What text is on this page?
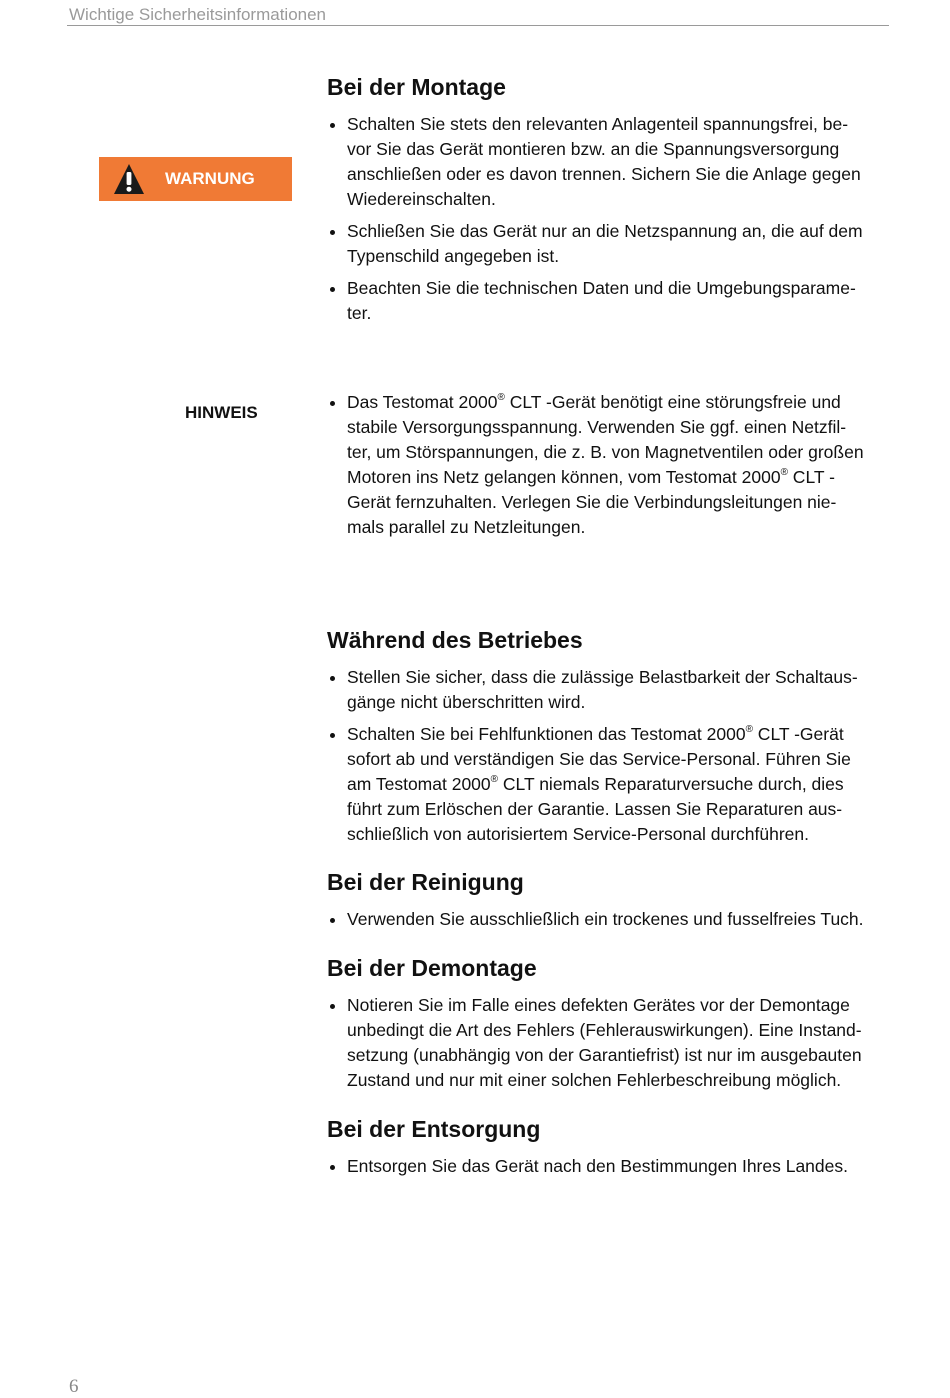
Wichtige Sicherheitsinformationen
WARNUNG
Bei der Montage
Schalten Sie stets den relevanten Anlagenteil spannungsfrei, be-
vor Sie das Gerät montieren bzw. an die Spannungsversorgung
anschließen oder es davon trennen. Sichern Sie die Anlage gegen
Wiedereinschalten.
Schließen Sie das Gerät nur an die Netzspannung an, die auf dem
Typenschild angegeben ist.
Beachten Sie die technischen Daten und die Umgebungsparame-
ter.
HINWEIS
Das Testomat 2000® CLT -Gerät benötigt eine störungsfreie und
stabile Versorgungsspannung. Verwenden Sie ggf. einen Netzfil-
ter, um Störspannungen, die z. B. von Magnetventilen oder großen
Motoren ins Netz gelangen können, vom Testomat 2000® CLT -
Gerät fernzuhalten. Verlegen Sie die Verbindungsleitungen nie-
mals parallel zu Netzleitungen.
Während des Betriebes
Stellen Sie sicher, dass die zulässige Belastbarkeit der Schaltaus-
gänge nicht überschritten wird.
Schalten Sie bei Fehlfunktionen das Testomat 2000® CLT -Gerät
sofort ab und verständigen Sie das Service-Personal. Führen Sie
am Testomat 2000® CLT niemals Reparaturversuche durch, dies
führt zum Erlöschen der Garantie. Lassen Sie Reparaturen aus-
schließlich von autorisiertem Service-Personal durchführen.
Bei der Reinigung
Verwenden Sie ausschließlich ein trockenes und fusselfreies Tuch.
Bei der Demontage
Notieren Sie im Falle eines defekten Gerätes vor der Demontage
unbedingt die Art des Fehlers (Fehlerauswirkungen). Eine Instand-
setzung (unabhängig von der Garantiefrist) ist nur im ausgebauten
Zustand und nur mit einer solchen Fehlerbeschreibung möglich.
Bei der Entsorgung
Entsorgen Sie das Gerät nach den Bestimmungen Ihres Landes.
6
